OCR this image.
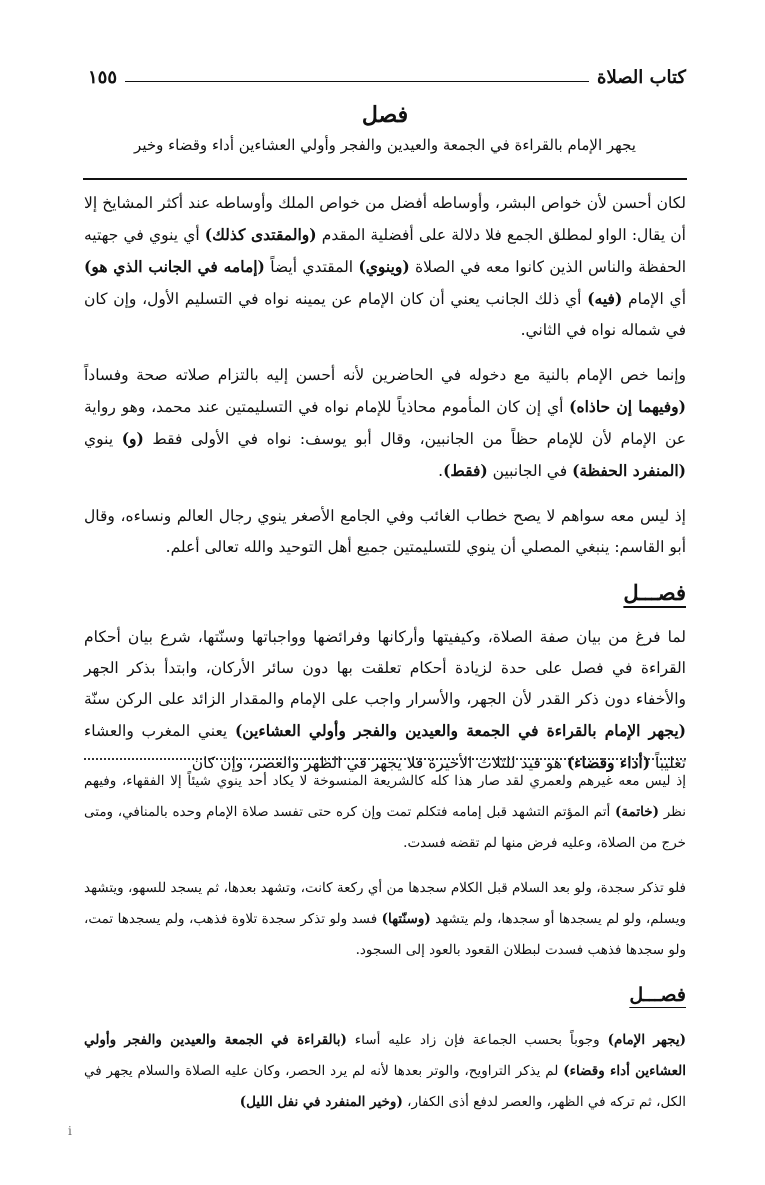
كتاب الصلاة
١٥٥
فصل
يجهر الإمام بالقراءة في الجمعة والعيدين والفجر وأولي العشاءين أداء وقضاء وخير

لكان أحسن لأن خواص البشر، وأوساطه أفضل من خواص الملك وأوساطه عند أكثر المشايخ إلا أن يقال: الواو لمطلق الجمع فلا دلالة على أفضلية المقدم (والمقتدى كذلك) أي ينوي في جهتيه الحفظة والناس الذين كانوا معه في الصلاة (وينوي) المقتدي أيضاً (إمامه في الجانب الذي هو) أي الإمام (فيه) أي ذلك الجانب يعني أن كان الإمام عن يمينه نواه في التسليم الأول، وإن كان في شماله نواه في الثاني.

وإنما خص الإمام بالنية مع دخوله في الحاضرين لأنه أحسن إليه بالتزام صلاته صحة وفساداً (وفيهما إن حاذاه) أي إن كان المأموم محاذياً للإمام نواه في التسليمتين عند محمد، وهو رواية عن الإمام لأن للإمام حظاً من الجانبين، وقال أبو يوسف: نواه في الأولى فقط (و) ينوي (المنفرد الحفظة) في الجانبين (فقط).

إذ ليس معه سواهم لا يصح خطاب الغائب وفي الجامع الأصغر ينوي رجال العالم ونساءه، وقال أبو القاسم: ينبغي المصلي أن ينوي للتسليمتين جميع أهل التوحيد والله تعالى أعلم.

فصـــل

لما فرغ من بيان صفة الصلاة، وكيفيتها وأركانها وفرائضها وواجباتها وسنّتها، شرع بيان أحكام القراءة في فصل على حدة لزيادة أحكام تعلقت بها دون سائر الأركان، وابتدأ بذكر الجهر والأخفاء دون ذكر القدر لأن الجهر، والأسرار واجب على الإمام والمقدار الزائد على الركن سنّة (يجهر الإمام بالقراءة في الجمعة والعيدين والفجر وأولي العشاءين) يعني المغرب والعشاء تغليباً (أداء وقضاء) هو قيد للثلاث الأخيرة فلا يجهر في الظهر والعصر، وإن كان

إذ ليس معه غيرهم ولعمري لقد صار هذا كله كالشريعة المنسوخة لا يكاد أحد ينوي شيئاً إلا الفقهاء، وفيهم نظر (خاتمة) أتم المؤتم التشهد قبل إمامه فتكلم تمت وإن كره حتى تفسد صلاة الإمام وحده بالمنافي، ومتى خرج من الصلاة، وعليه فرض منها لم تقضه فسدت.

فلو تذكر سجدة، ولو بعد السلام قبل الكلام سجدها من أي ركعة كانت، وتشهد بعدها، ثم يسجد للسهو، ويتشهد ويسلم، ولو لم يسجدها أو سجدها، ولم يتشهد (وسنّتها) فسد ولو تذكر سجدة تلاوة فذهب، ولم يسجدها تمت، ولو سجدها فذهب فسدت لبطلان القعود بالعود إلى السجود.

فصـــل

(يجهر الإمام) وجوباً بحسب الجماعة فإن زاد عليه أساء (بالقراءة في الجمعة والعيدين والفجر وأولي العشاءين أداء وقضاء) لم يذكر التراويح، والوتر بعدها لأنه لم يرد الحصر، وكان عليه الصلاة والسلام يجهر في الكل، ثم تركه في الظهر، والعصر لدفع أذى الكفار، (وخير المنفرد في نفل الليل)

i
